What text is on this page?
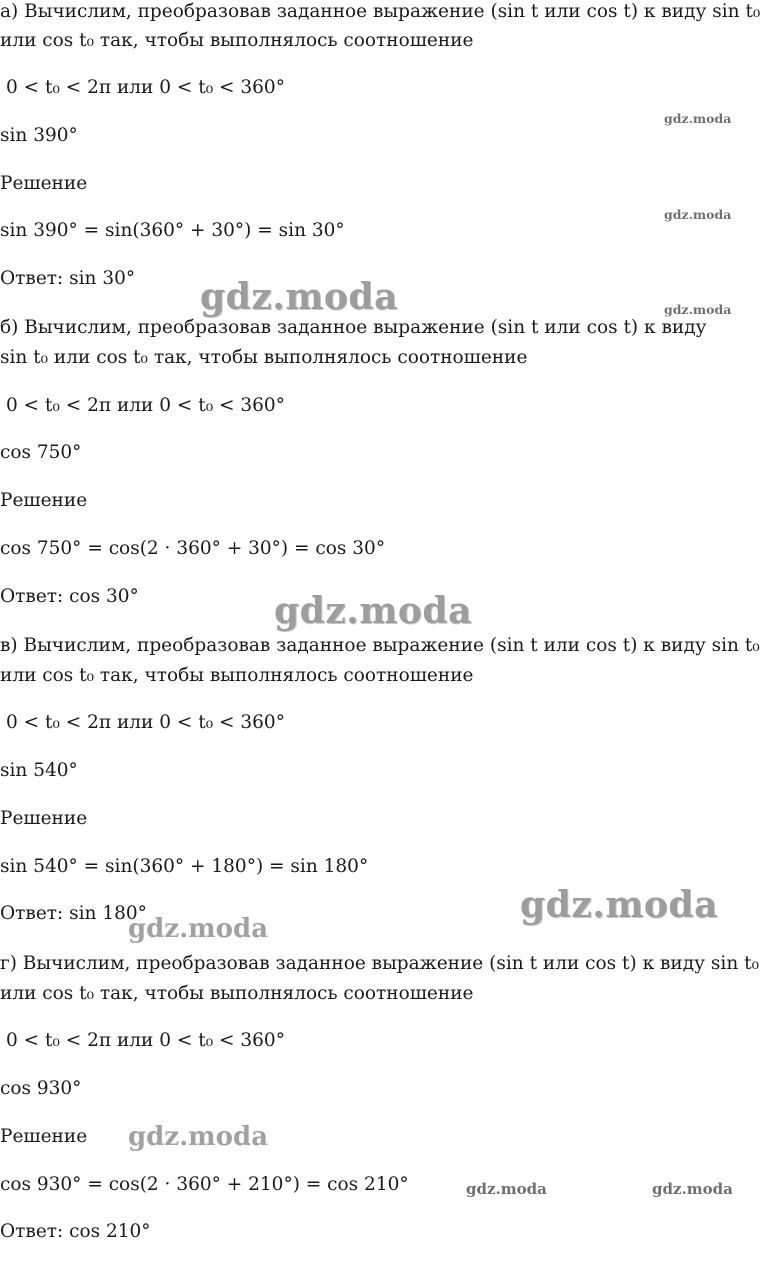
а) Вычислим, преобразовав заданное выражение (sin t или cos t) к виду sin t₀
или cos t₀ так, чтобы выполнялось соотношение
0 < t₀ < 2π или 0 < t₀ < 360°
sin 390°
Решение
sin 390° = sin(360° + 30°) = sin 30°
Ответ: sin 30°
б) Вычислим, преобразовав заданное выражение (sin t или cos t) к виду
sin t₀ или cos t₀ так, чтобы выполнялось соотношение
0 < t₀ < 2π или 0 < t₀ < 360°
cos 750°
Решение
cos 750° = cos(2 · 360° + 30°) = cos 30°
Ответ: cos 30°
в) Вычислим, преобразовав заданное выражение (sin t или cos t) к виду sin t₀
или cos t₀ так, чтобы выполнялось соотношение
0 < t₀ < 2π или 0 < t₀ < 360°
sin 540°
Решение
sin 540° = sin(360° + 180°) = sin 180°
Ответ: sin 180°
г) Вычислим, преобразовав заданное выражение (sin t или cos t) к виду sin t₀
или cos t₀ так, чтобы выполнялось соотношение
0 < t₀ < 2π или 0 < t₀ < 360°
cos 930°
Решение
cos 930° = cos(2 · 360° + 210°) = cos 210°
Ответ: cos 210°
gdz.moda
gdz.moda
gdz.moda
gdz.moda
gdz.moda
gdz.moda
gdz.moda
gdz.moda
gdz.moda	gdz.moda
